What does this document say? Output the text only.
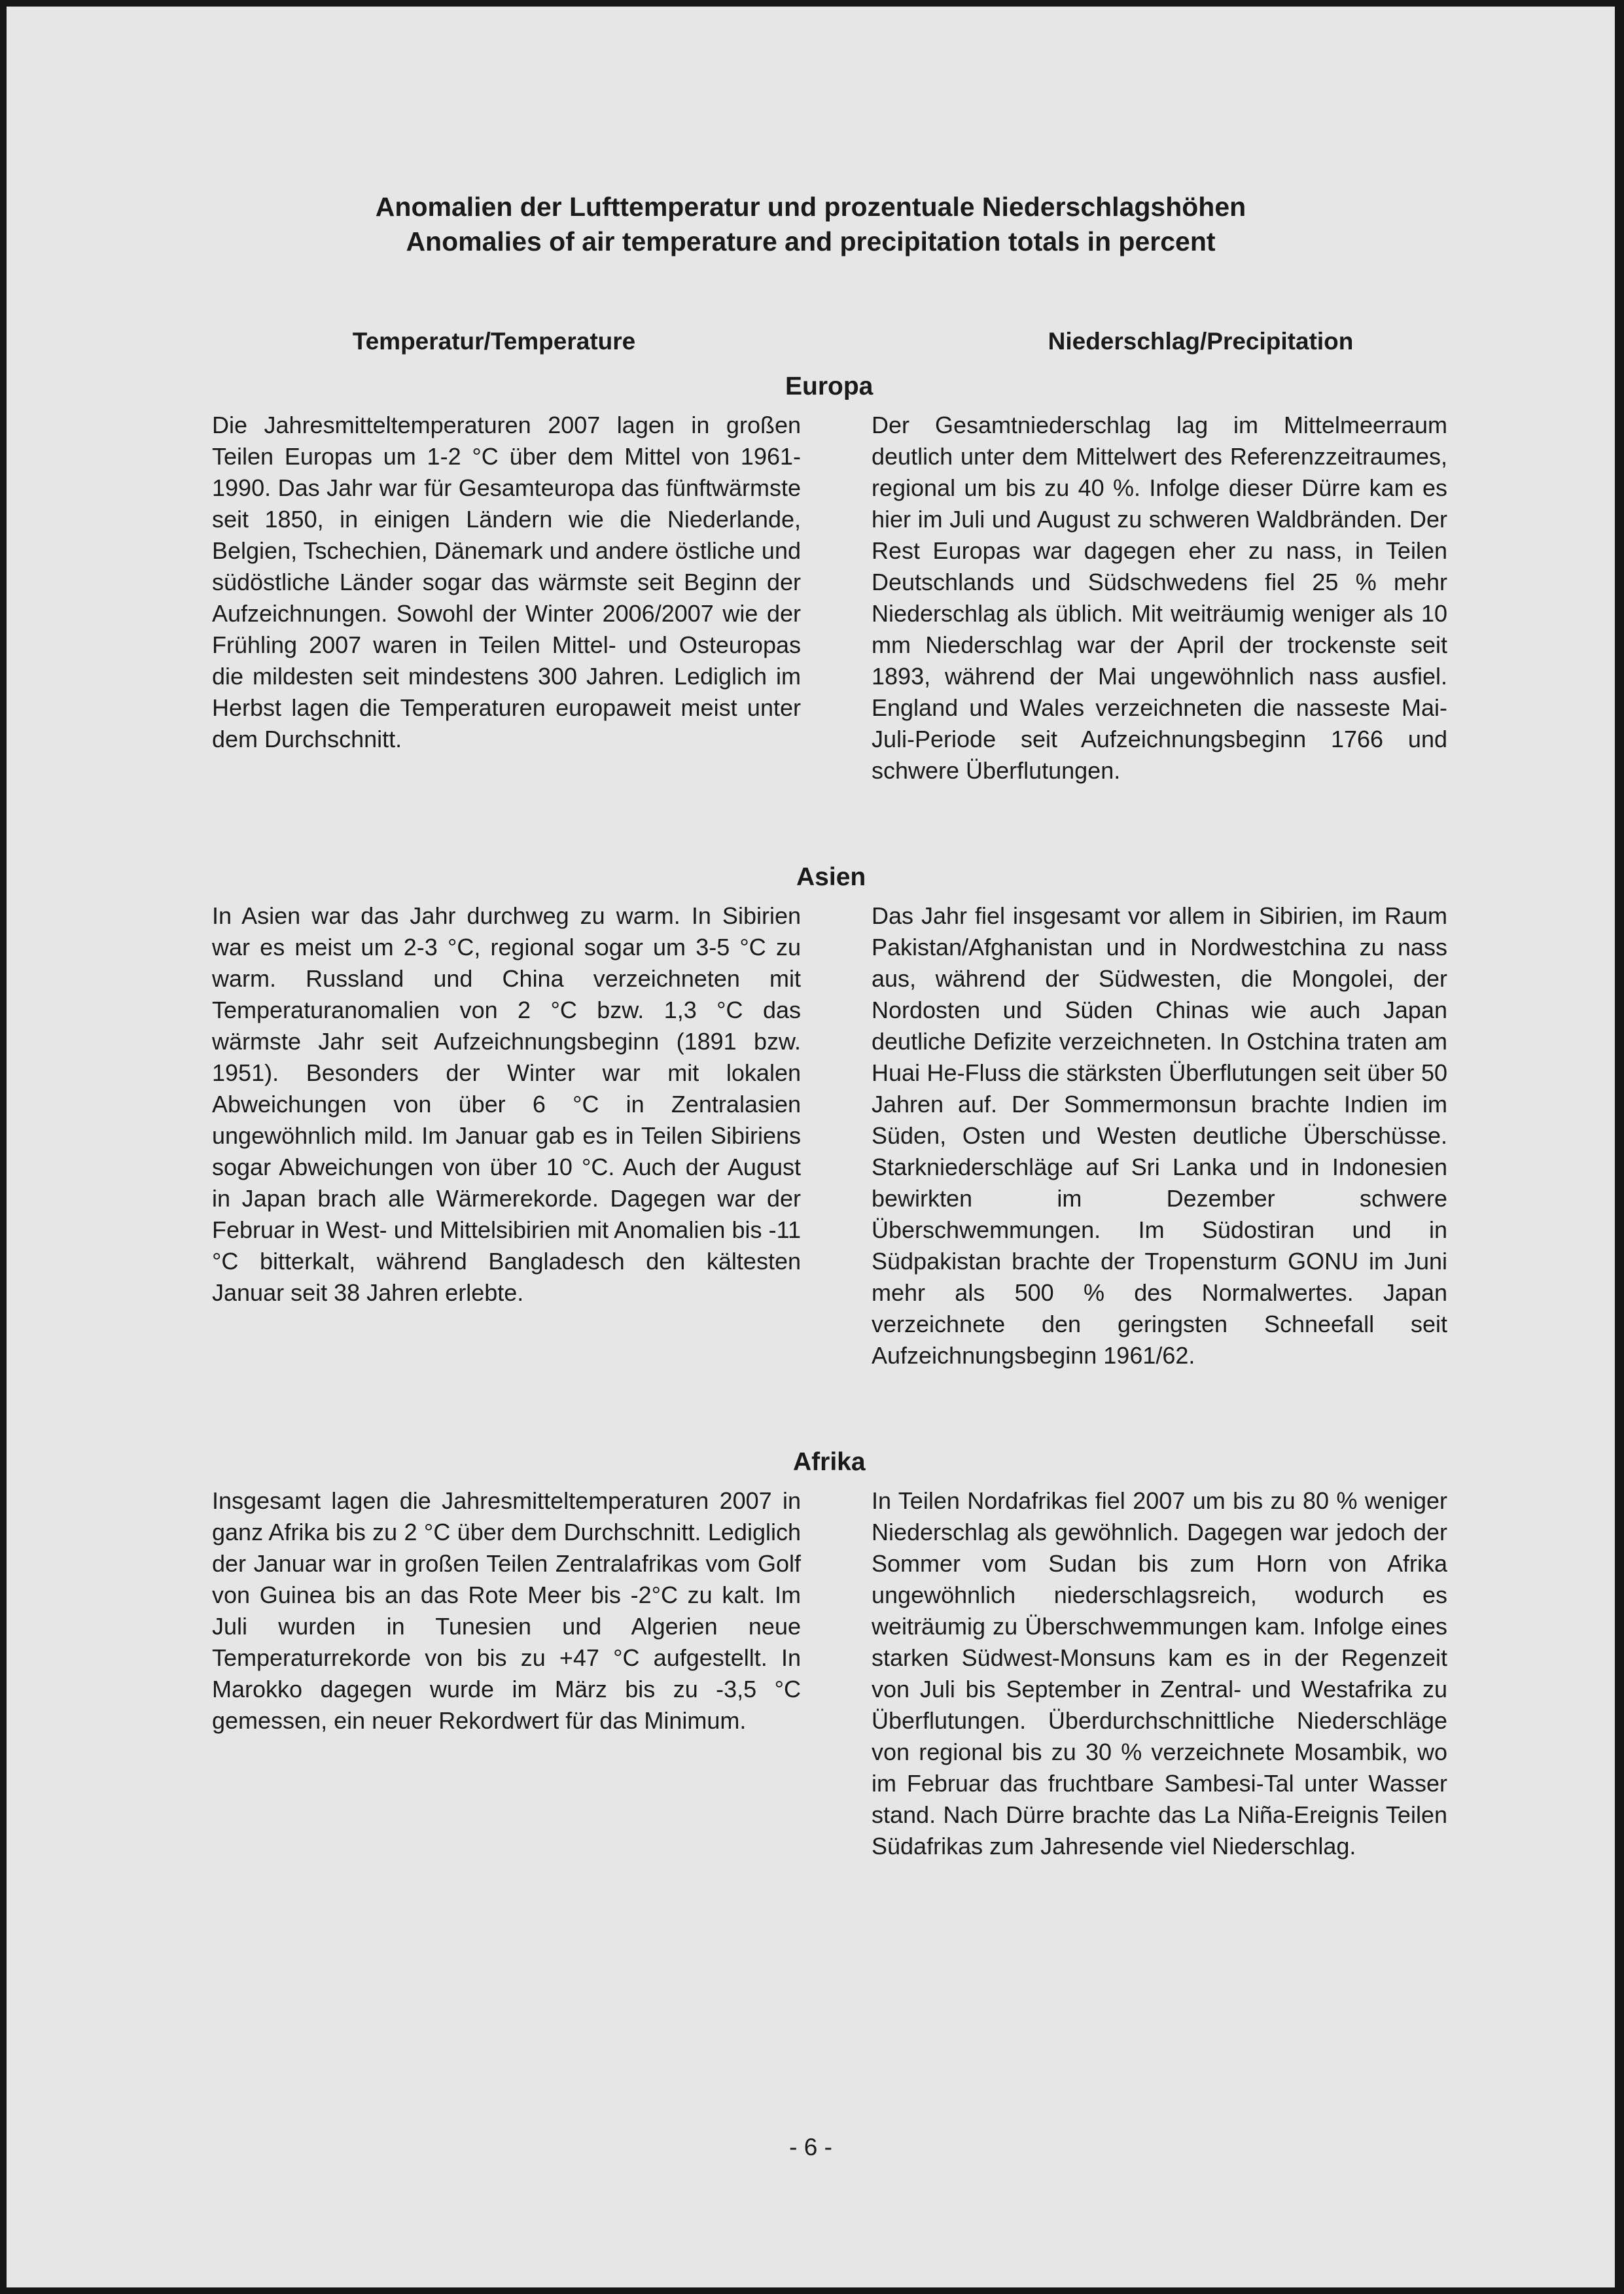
Anomalien der Lufttemperatur und prozentuale Niederschlagshöhen
Anomalies of air temperature and precipitation totals in percent
Temperatur/Temperature	Niederschlag/Precipitation
Europa

Die Jahresmitteltemperaturen 2007 lagen in großen Teilen Europas um 1-2 °C über dem Mittel von 1961-1990. Das Jahr war für Gesamteuropa das fünftwärmste seit 1850, in einigen Ländern wie die Niederlande, Belgien, Tschechien, Dänemark und andere östliche und südöstliche Länder sogar das wärmste seit Beginn der Aufzeichnungen. Sowohl der Winter 2006/2007 wie der Frühling 2007 waren in Teilen Mittel- und Osteuropas die mildesten seit mindestens 300 Jahren. Lediglich im Herbst lagen die Temperaturen europaweit meist unter dem Durchschnitt.

Der Gesamtniederschlag lag im Mittelmeerraum deutlich unter dem Mittelwert des Referenzzeitraumes, regional um bis zu 40 %. Infolge dieser Dürre kam es hier im Juli und August zu schweren Waldbränden. Der Rest Europas war dagegen eher zu nass, in Teilen Deutschlands und Südschwedens fiel 25 % mehr Niederschlag als üblich. Mit weiträumig weniger als 10 mm Niederschlag war der April der trockenste seit 1893, während der Mai ungewöhnlich nass ausfiel. England und Wales verzeichneten die nasseste Mai-Juli-Periode seit Aufzeichnungsbeginn 1766 und schwere Überflutungen.

Asien

In Asien war das Jahr durchweg zu warm. In Sibirien war es meist um 2-3 °C, regional sogar um 3-5 °C zu warm. Russland und China verzeichneten mit Temperaturanomalien von 2 °C bzw. 1,3 °C das wärmste Jahr seit Aufzeichnungsbeginn (1891 bzw. 1951). Besonders der Winter war mit lokalen Abweichungen von über 6 °C in Zentralasien ungewöhnlich mild. Im Januar gab es in Teilen Sibiriens sogar Abweichungen von über 10 °C. Auch der August in Japan brach alle Wärmerekorde. Dagegen war der Februar in West- und Mittelsibirien mit Anomalien bis -11 °C bitterkalt, während Bangladesch den kältesten Januar seit 38 Jahren erlebte.

Das Jahr fiel insgesamt vor allem in Sibirien, im Raum Pakistan/Afghanistan und in Nordwestchina zu nass aus, während der Südwesten, die Mongolei, der Nordosten und Süden Chinas wie auch Japan deutliche Defizite verzeichneten. In Ostchina traten am Huai He-Fluss die stärksten Überflutungen seit über 50 Jahren auf. Der Sommermonsun brachte Indien im Süden, Osten und Westen deutliche Überschüsse. Starkniederschläge auf Sri Lanka und in Indonesien bewirkten im Dezember schwere Überschwemmungen. Im Südostiran und in Südpakistan brachte der Tropensturm GONU im Juni mehr als 500 % des Normalwertes. Japan verzeichnete den geringsten Schneefall seit Aufzeichnungsbeginn 1961/62.

Afrika

Insgesamt lagen die Jahresmitteltemperaturen 2007 in ganz Afrika bis zu 2 °C über dem Durchschnitt. Lediglich der Januar war in großen Teilen Zentralafrikas vom Golf von Guinea bis an das Rote Meer bis -2°C zu kalt. Im Juli wurden in Tunesien und Algerien neue Temperaturrekorde von bis zu +47 °C aufgestellt. In Marokko dagegen wurde im März bis zu -3,5 °C gemessen, ein neuer Rekordwert für das Minimum.

In Teilen Nordafrikas fiel 2007 um bis zu 80 % weniger Niederschlag als gewöhnlich. Dagegen war jedoch der Sommer vom Sudan bis zum Horn von Afrika ungewöhnlich niederschlagsreich, wodurch es weiträumig zu Überschwemmungen kam. Infolge eines starken Südwest-Monsuns kam es in der Regenzeit von Juli bis September in Zentral- und Westafrika zu Überflutungen. Überdurchschnittliche Niederschläge von regional bis zu 30 % verzeichnete Mosambik, wo im Februar das fruchtbare Sambesi-Tal unter Wasser stand. Nach Dürre brachte das La Niña-Ereignis Teilen Südafrikas zum Jahresende viel Niederschlag.

- 6 -
